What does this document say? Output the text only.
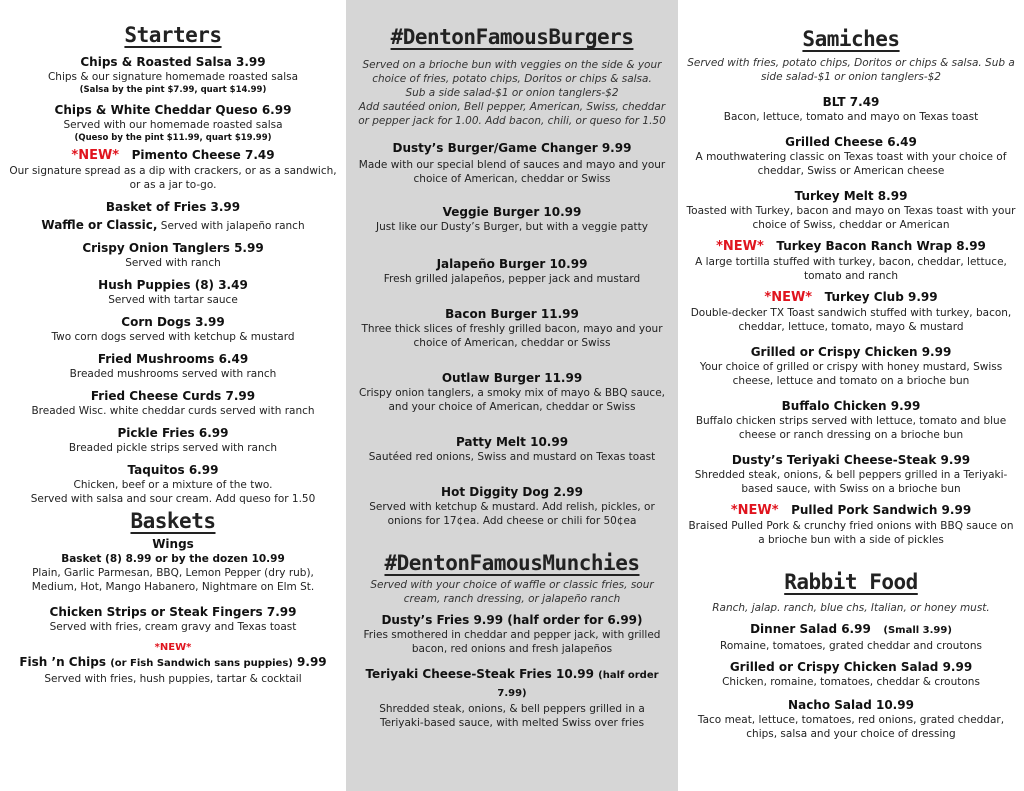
Starters
Chips & Roasted Salsa 3.99
Chips & our signature homemade roasted salsa
(Salsa by the pint $7.99, quart $14.99)
Chips & White Cheddar Queso 6.99
Served with our homemade roasted salsa
(Queso by the pint $11.99, quart $19.99)
*NEW* Pimento Cheese 7.49
Our signature spread as a dip with crackers, or as a sandwich, or as a jar to-go.
Basket of Fries 3.99
Waffle or Classic, Served with jalapeño ranch
Crispy Onion Tanglers 5.99
Served with ranch
Hush Puppies (8) 3.49
Served with tartar sauce
Corn Dogs 3.99
Two corn dogs served with ketchup & mustard
Fried Mushrooms 6.49
Breaded mushrooms served with ranch
Fried Cheese Curds 7.99
Breaded Wisc. white cheddar curds served with ranch
Pickle Fries 6.99
Breaded pickle strips served with ranch
Taquitos 6.99
Chicken, beef or a mixture of the two.
Served with salsa and sour cream. Add queso for 1.50
Baskets
Wings
Basket (8) 8.99 or by the dozen 10.99
Plain, Garlic Parmesan, BBQ, Lemon Pepper (dry rub), Medium, Hot, Mango Habanero, Nightmare on Elm St.
Chicken Strips or Steak Fingers 7.99
Served with fries, cream gravy and Texas toast
*NEW*
Fish ’n Chips (or Fish Sandwich sans puppies) 9.99
Served with fries, hush puppies, tartar & cocktail
#DentonFamousBurgers
Served on a brioche bun with veggies on the side & your choice of fries, potato chips, Doritos or chips & salsa.
Sub a side salad-$1 or onion tanglers-$2
Add sautéed onion, Bell pepper, American, Swiss, cheddar or pepper jack for 1.00. Add bacon, chili, or queso for 1.50
Dusty’s Burger/Game Changer 9.99
Made with our special blend of sauces and mayo and your choice of American, cheddar or Swiss
Veggie Burger 10.99
Just like our Dusty’s Burger, but with a veggie patty
Jalapeño Burger 10.99
Fresh grilled jalapeños, pepper jack and mustard
Bacon Burger 11.99
Three thick slices of freshly grilled bacon, mayo and your choice of American, cheddar or Swiss
Outlaw Burger 11.99
Crispy onion tanglers, a smoky mix of mayo & BBQ sauce, and your choice of American, cheddar or Swiss
Patty Melt 10.99
Sautéed red onions, Swiss and mustard on Texas toast
Hot Diggity Dog 2.99
Served with ketchup & mustard. Add relish, pickles, or onions for 17¢ea. Add cheese or chili for 50¢ea
#DentonFamousMunchies
Served with your choice of waffle or classic fries, sour cream, ranch dressing, or jalapeño ranch
Dusty’s Fries 9.99 (half order for 6.99)
Fries smothered in cheddar and pepper jack, with grilled bacon, red onions and fresh jalapeños
Teriyaki Cheese-Steak Fries 10.99 (half order 7.99)
Shredded steak, onions, & bell peppers grilled in a Teriyaki-based sauce, with melted Swiss over fries
Samiches
Served with fries, potato chips, Doritos or chips & salsa. Sub a side salad-$1 or onion tanglers-$2
BLT 7.49
Bacon, lettuce, tomato and mayo on Texas toast
Grilled Cheese 6.49
A mouthwatering classic on Texas toast with your choice of cheddar, Swiss or American cheese
Turkey Melt 8.99
Toasted with Turkey, bacon and mayo on Texas toast with your choice of Swiss, cheddar or American
*NEW* Turkey Bacon Ranch Wrap 8.99
A large tortilla stuffed with turkey, bacon, cheddar, lettuce, tomato and ranch
*NEW* Turkey Club 9.99
Double-decker TX Toast sandwich stuffed with turkey, bacon, cheddar, lettuce, tomato, mayo & mustard
Grilled or Crispy Chicken 9.99
Your choice of grilled or crispy with honey mustard, Swiss cheese, lettuce and tomato on a brioche bun
Buffalo Chicken 9.99
Buffalo chicken strips served with lettuce, tomato and blue cheese or ranch dressing on a brioche bun
Dusty’s Teriyaki Cheese-Steak 9.99
Shredded steak, onions, & bell peppers grilled in a Teriyaki-based sauce, with Swiss on a brioche bun
*NEW* Pulled Pork Sandwich 9.99
Braised Pulled Pork & crunchy fried onions with BBQ sauce on a brioche bun with a side of pickles
Rabbit Food
Ranch, jalap. ranch, blue chs, Italian, or honey must.
Dinner Salad 6.99 (Small 3.99)
Romaine, tomatoes, grated cheddar and croutons
Grilled or Crispy Chicken Salad 9.99
Chicken, romaine, tomatoes, cheddar & croutons
Nacho Salad 10.99
Taco meat, lettuce, tomatoes, red onions, grated cheddar, chips, salsa and your choice of dressing
